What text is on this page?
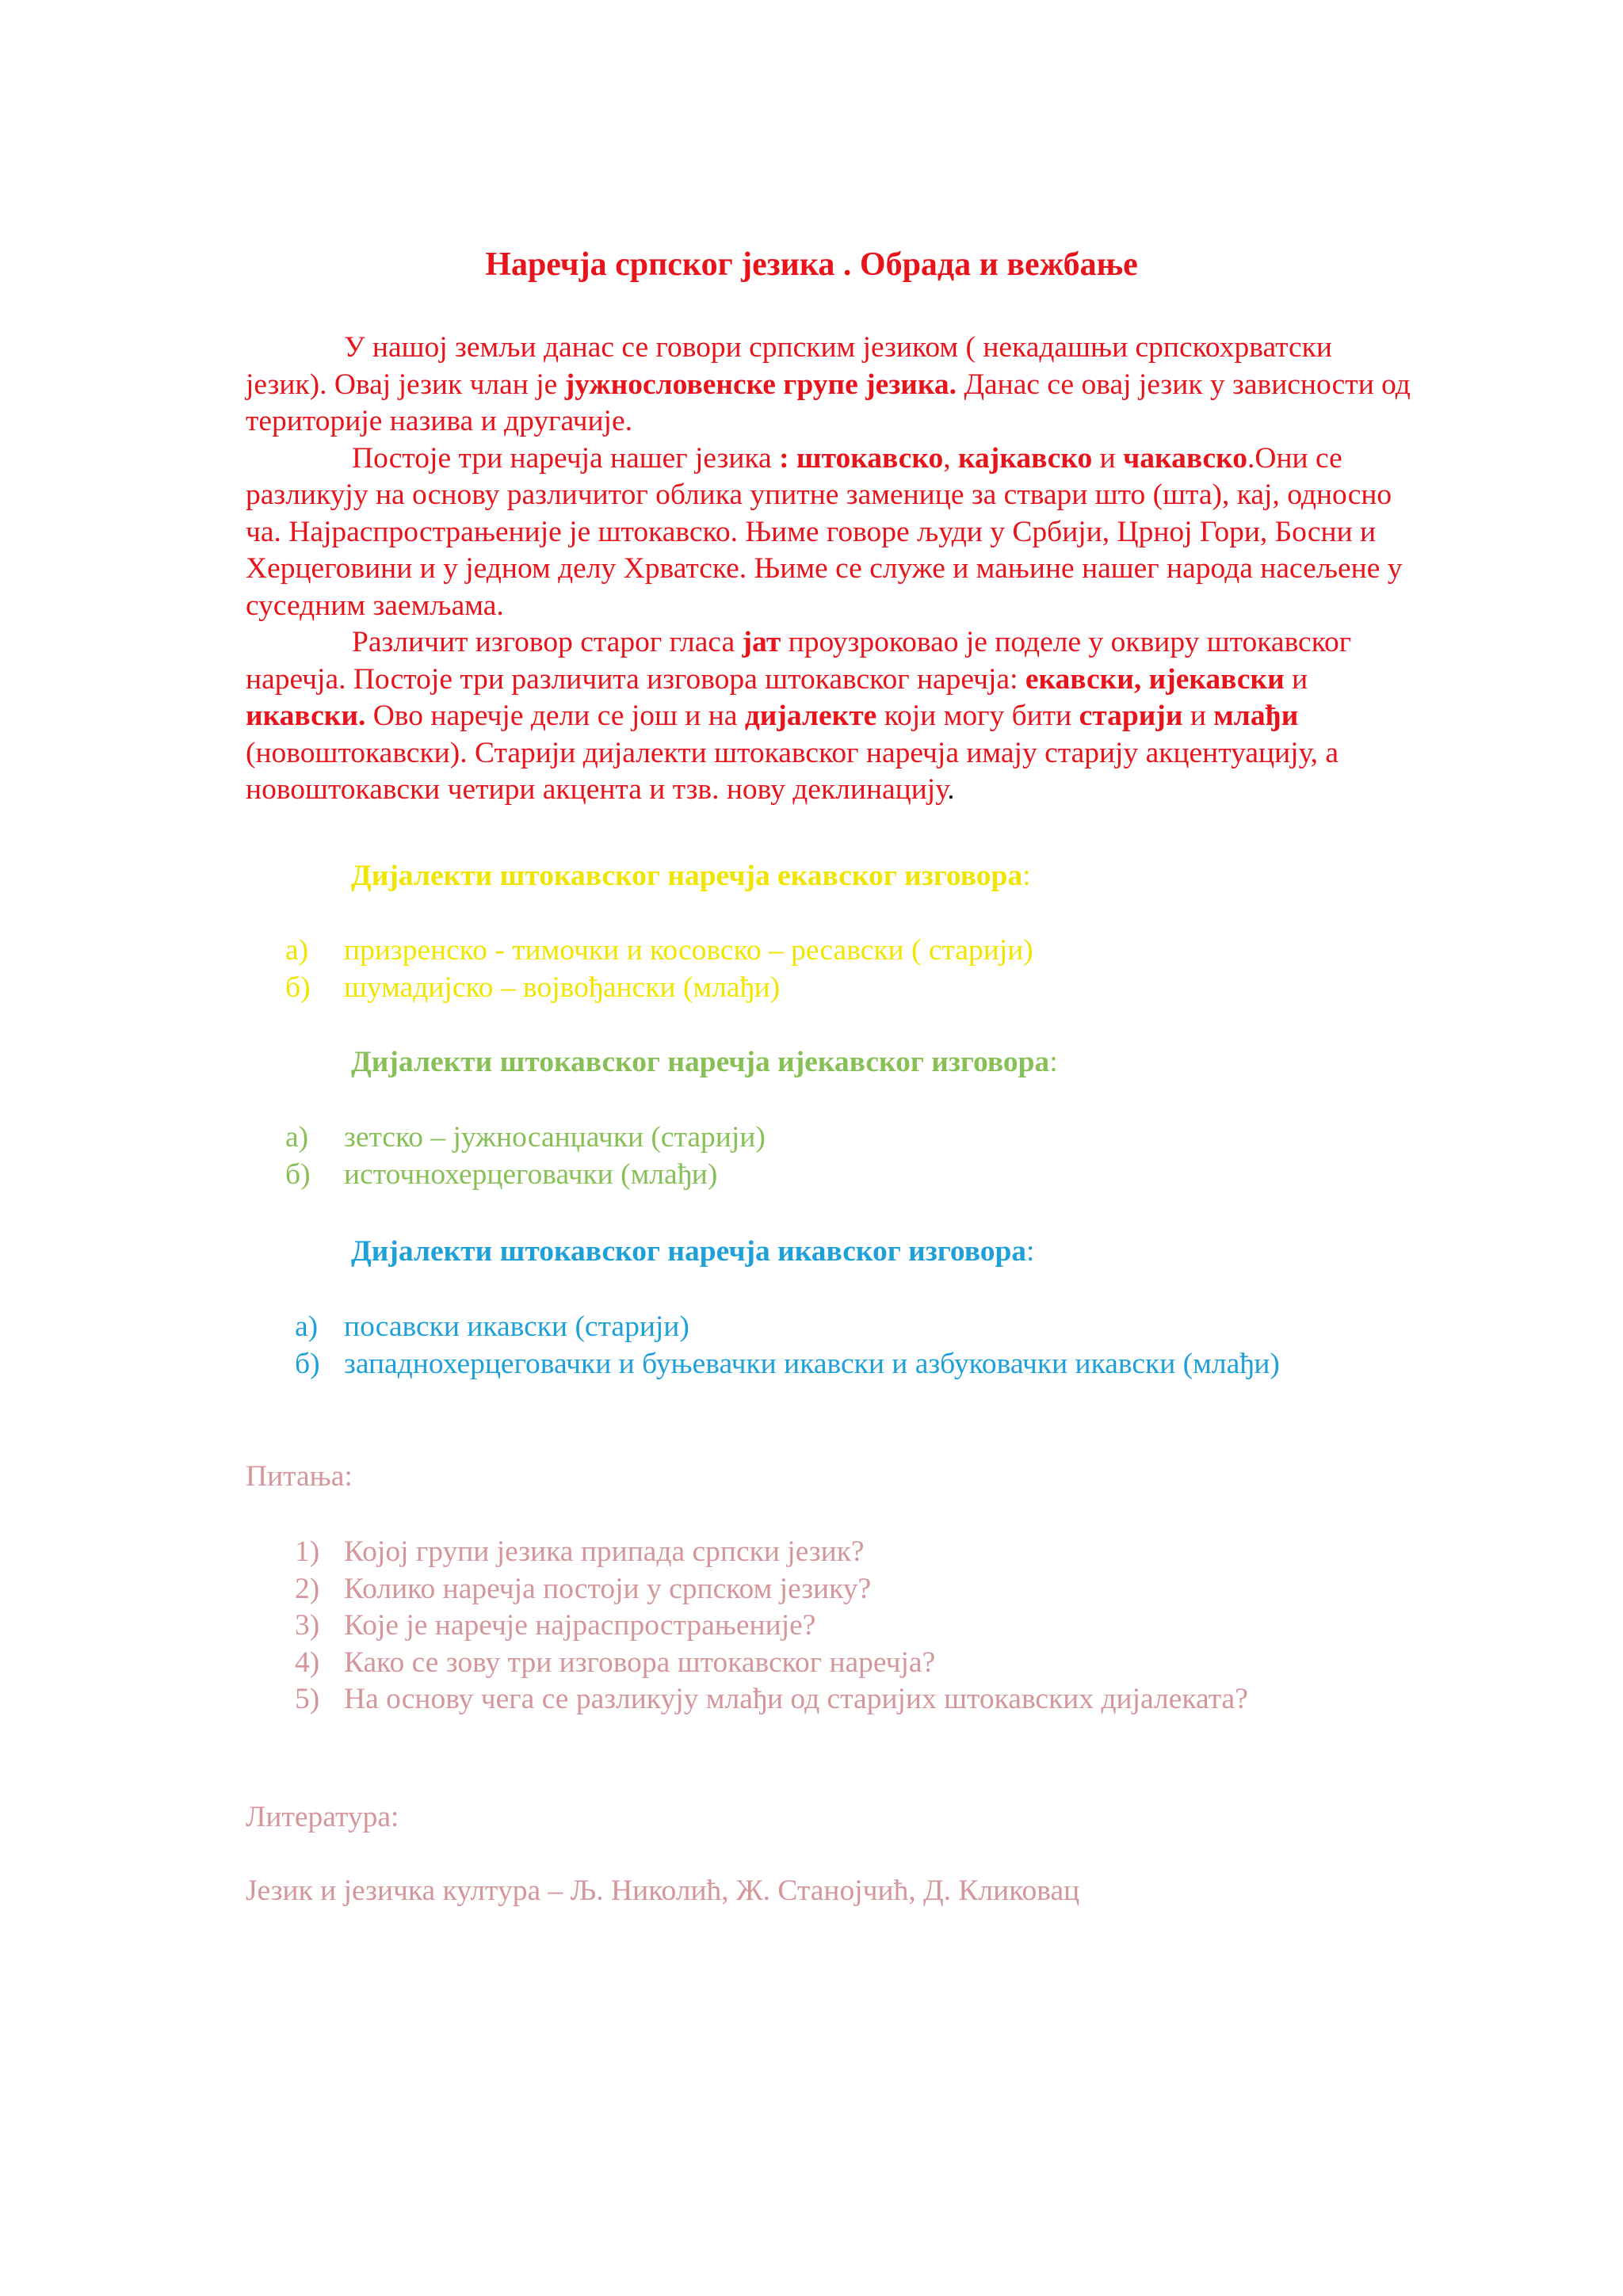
Наречја српског језика . Обрада и вежбање

У нашој земљи данас се говори српским језиком ( некадашњи српскохрватски језик). Овај језик члан је јужнословенске групе језика. Данас се овај језик у зависности од територије назива и другачије.

Постоје три наречја нашег језика : штокавско, кајкавско и чакавско.Они се разликују на основу различитог облика упитне заменице за ствари што (шта), кај, односно ча. Најраспрострањеније је штокавско. Њиме говоре људи у Србији, Црној Гори, Босни и Херцеговини и у једном делу Хрватске. Њиме се служе и мањине нашег народа насељене у суседним заемљама.

Различит изговор старог гласа јат проузроковао је поделе у оквиру штокавског наречја. Постоје три различита изговора штокавског наречја: екавски, ијекавски и икавски. Ово наречје дели се још и на дијалекте који могу бити старији и млађи (новоштокавски). Старији дијалекти штокавског наречја имају старију акцентуацију, а новоштокавски четири акцента и тзв. нову деклинацију.

Дијалекти штокавског наречја екавског изговора:
а) призренско - тимочки и косовско – ресавски ( старији)
б) шумадијско – војвођански (млађи)
Дијалекти штокавског наречја ијекавског изговора:
а) зетско – јужносанџачки (старији)
б) источнохерцеговачки (млађи)
Дијалекти штокавског наречја икавског изговора:
а) посавски икавски (старији)
б) западнохерцеговачки и буњевачки икавски и азбуковачки икавски (млађи)
Питања:
1) Којој групи језика припада српски језик?
2) Колико наречја постоји у српском језику?
3) Које је наречје најраспрострањеније?
4) Како се зову три изговора штокавског наречја?
5) На основу чега се разликују млађи од старијих штокавских дијалеката?
Литература:
Језик и језичка култура – Љ. Николић, Ж. Станојчић, Д. Кликовац
